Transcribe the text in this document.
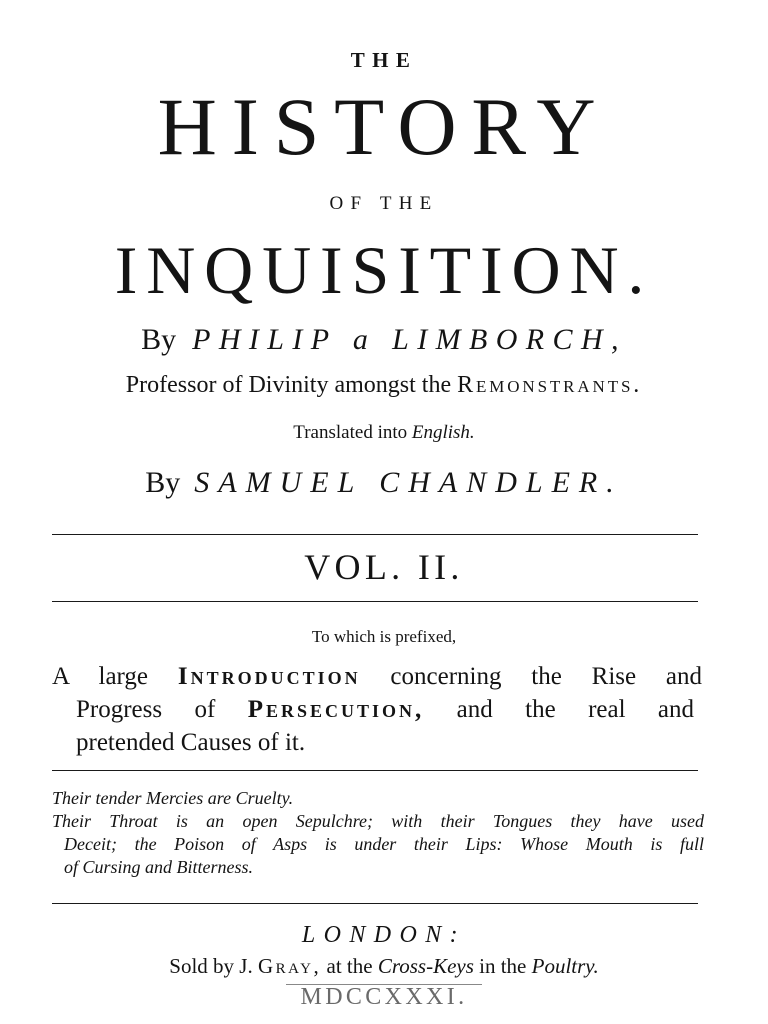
THE
HISTORY
OF THE
INQUISITION.
By PHILIP a LIMBORCH,
Professor of Divinity amongst the Remonstrants.
Translated into English.
By SAMUEL CHANDLER.
VOL. II.
To which is prefixed,
A large Introduction concerning the Rise and
Progress of Persecution, and the real and
pretended Causes of it.
Their tender Mercies are Cruelty.
Their Throat is an open Sepulchre; with their Tongues they have used
Deceit; the Poison of Asps is under their Lips: Whose Mouth is full
of Cursing and Bitterness.
LONDON:
Sold by J. Gray, at the Cross-Keys in the Poultry.
MDCCXXXI.
